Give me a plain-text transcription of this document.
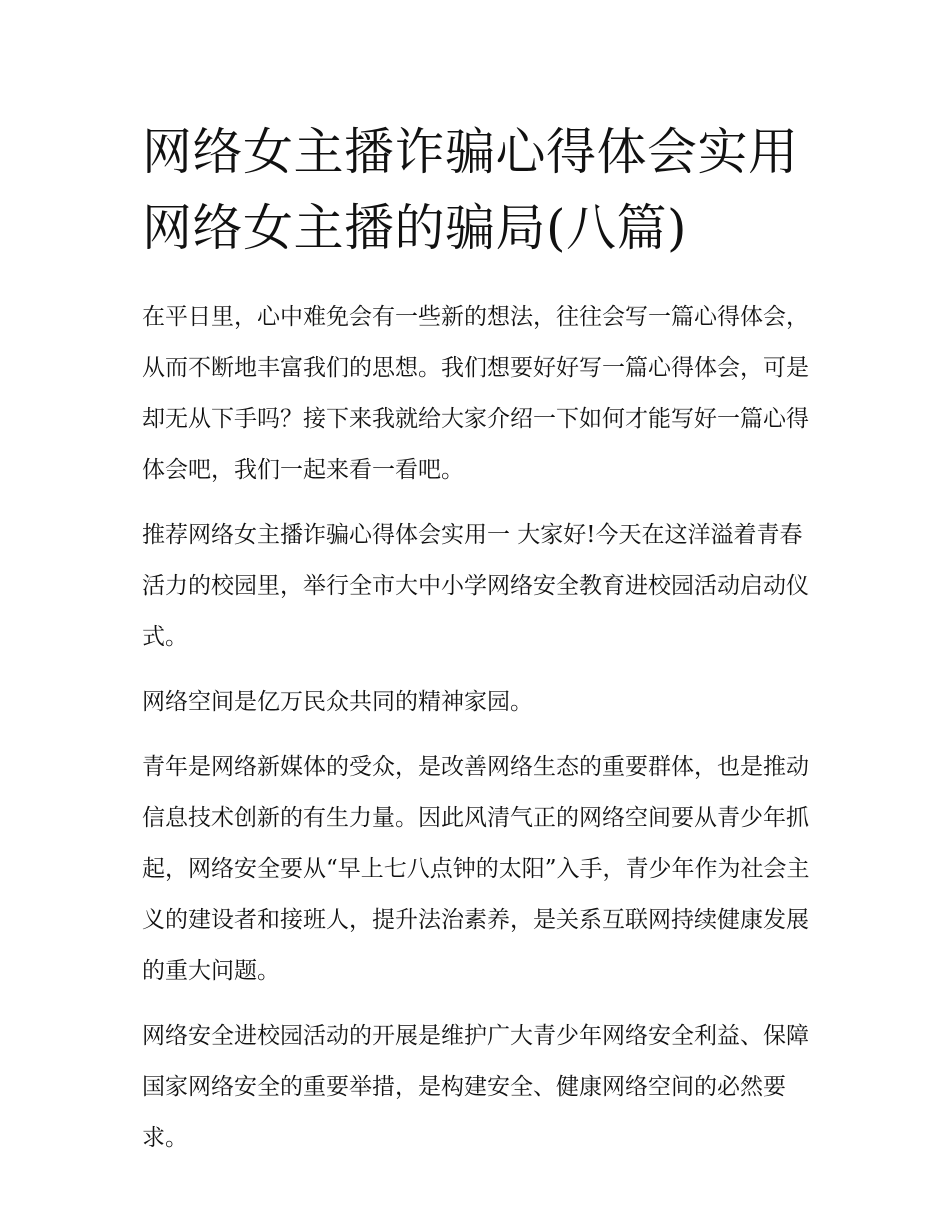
网络女主播诈骗心得体会实用网络女主播的骗局(八篇)

在平日里，心中难免会有一些新的想法，往往会写一篇心得体会，从而不断地丰富我们的思想。我们想要好好写一篇心得体会，可是却无从下手吗？接下来我就给大家介绍一下如何才能写好一篇心得体会吧，我们一起来看一看吧。

推荐网络女主播诈骗心得体会实用一 大家好!今天在这洋溢着青春活力的校园里，举行全市大中小学网络安全教育进校园活动启动仪式。

网络空间是亿万民众共同的精神家园。

青年是网络新媒体的受众，是改善网络生态的重要群体，也是推动信息技术创新的有生力量。因此风清气正的网络空间要从青少年抓起，网络安全要从“早上七八点钟的太阳”入手，青少年作为社会主义的建设者和接班人，提升法治素养，是关系互联网持续健康发展的重大问题。

网络安全进校园活动的开展是维护广大青少年网络安全利益、保障国家网络安全的重要举措，是构建安全、健康网络空间的必然要求。
